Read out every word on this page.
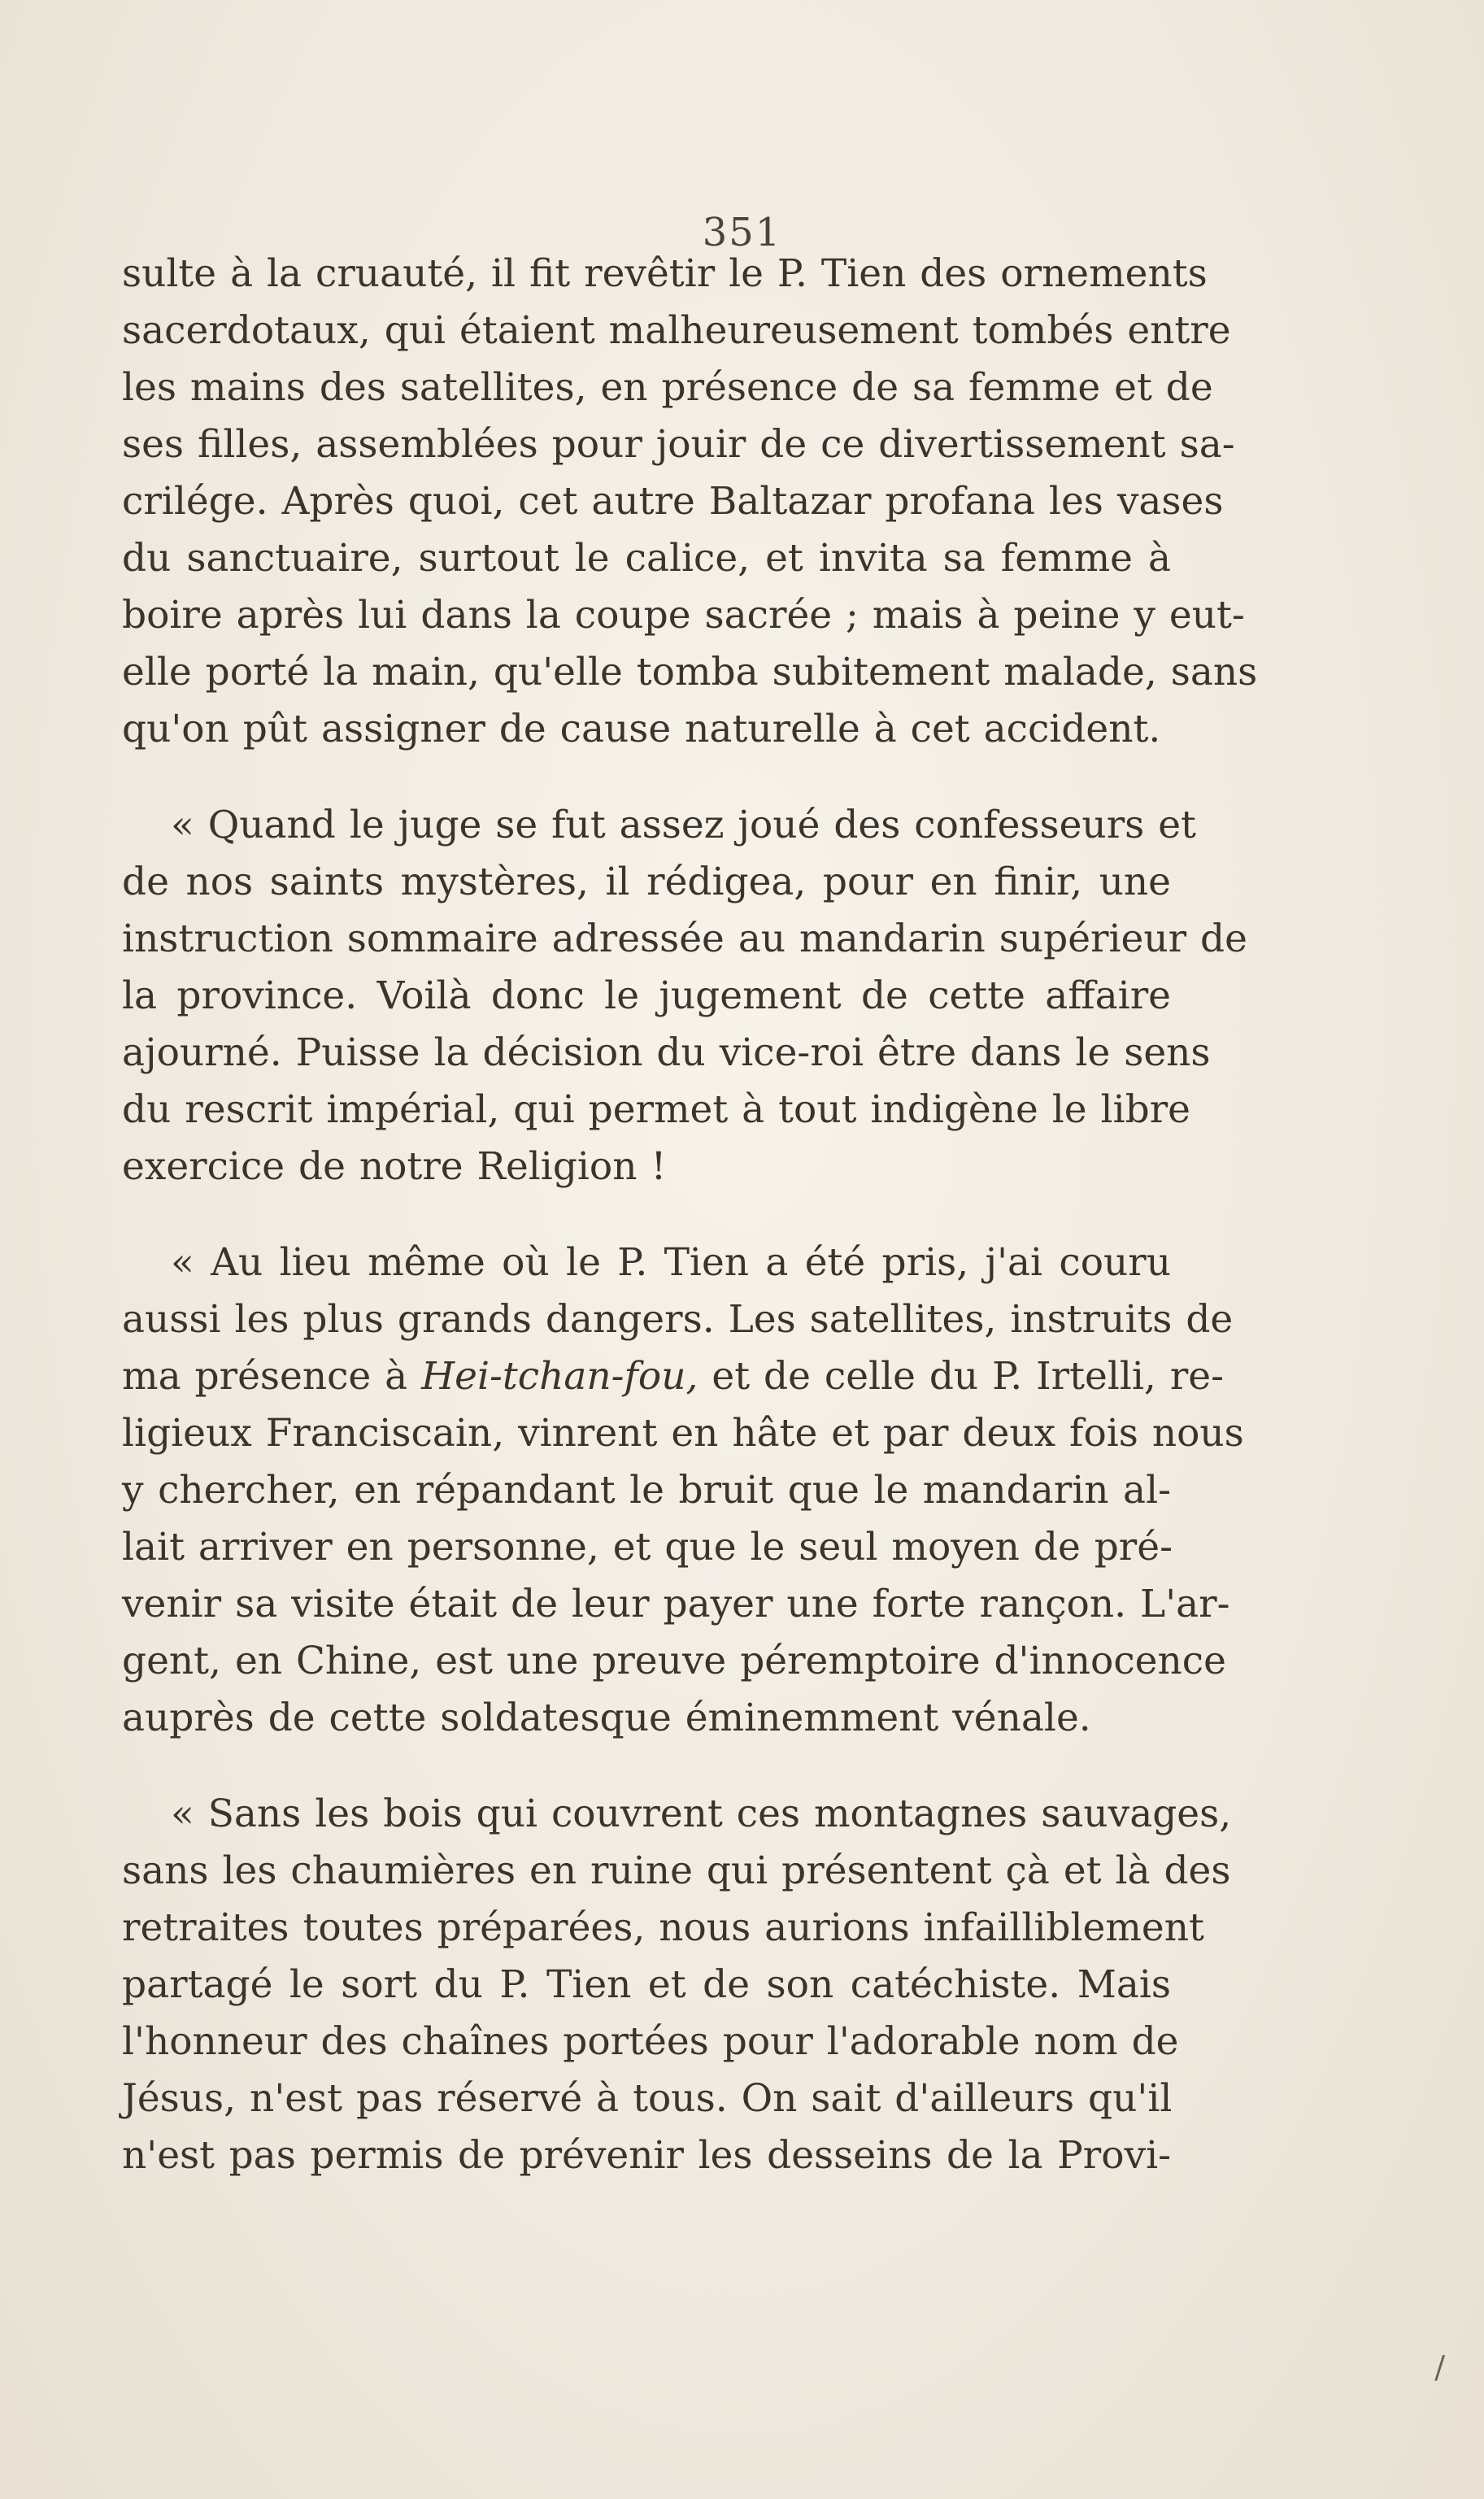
351

sulte à la cruauté, il fit revêtir le P. Tien des ornements
sacerdotaux, qui étaient malheureusement tombés entre
les mains des satellites, en présence de sa femme et de
ses filles, assemblées pour jouir de ce divertissement sa-
crilége. Après quoi, cet autre Baltazar profana les vases
du sanctuaire, surtout le calice, et invita sa femme à
boire après lui dans la coupe sacrée ; mais à peine y eut-
elle porté la main, qu'elle tomba subitement malade, sans
qu'on pût assigner de cause naturelle à cet accident.

« Quand le juge se fut assez joué des confesseurs et
de nos saints mystères, il rédigea, pour en finir, une
instruction sommaire adressée au mandarin supérieur de
la province. Voilà donc le jugement de cette affaire
ajourné. Puisse la décision du vice-roi être dans le sens
du rescrit impérial, qui permet à tout indigène le libre
exercice de notre Religion !

« Au lieu même où le P. Tien a été pris, j'ai couru
aussi les plus grands dangers. Les satellites, instruits de
ma présence à Hei-tchan-fou, et de celle du P. Irtelli, re-
ligieux Franciscain, vinrent en hâte et par deux fois nous
y chercher, en répandant le bruit que le mandarin al-
lait arriver en personne, et que le seul moyen de pré-
venir sa visite était de leur payer une forte rançon. L'ar-
gent, en Chine, est une preuve péremptoire d'innocence
auprès de cette soldatesque éminemment vénale.

« Sans les bois qui couvrent ces montagnes sauvages,
sans les chaumières en ruine qui présentent çà et là des
retraites toutes préparées, nous aurions infailliblement
partagé le sort du P. Tien et de son catéchiste. Mais
l'honneur des chaînes portées pour l'adorable nom de
Jésus, n'est pas réservé à tous. On sait d'ailleurs qu'il
n'est pas permis de prévenir les desseins de la Provi-

/
